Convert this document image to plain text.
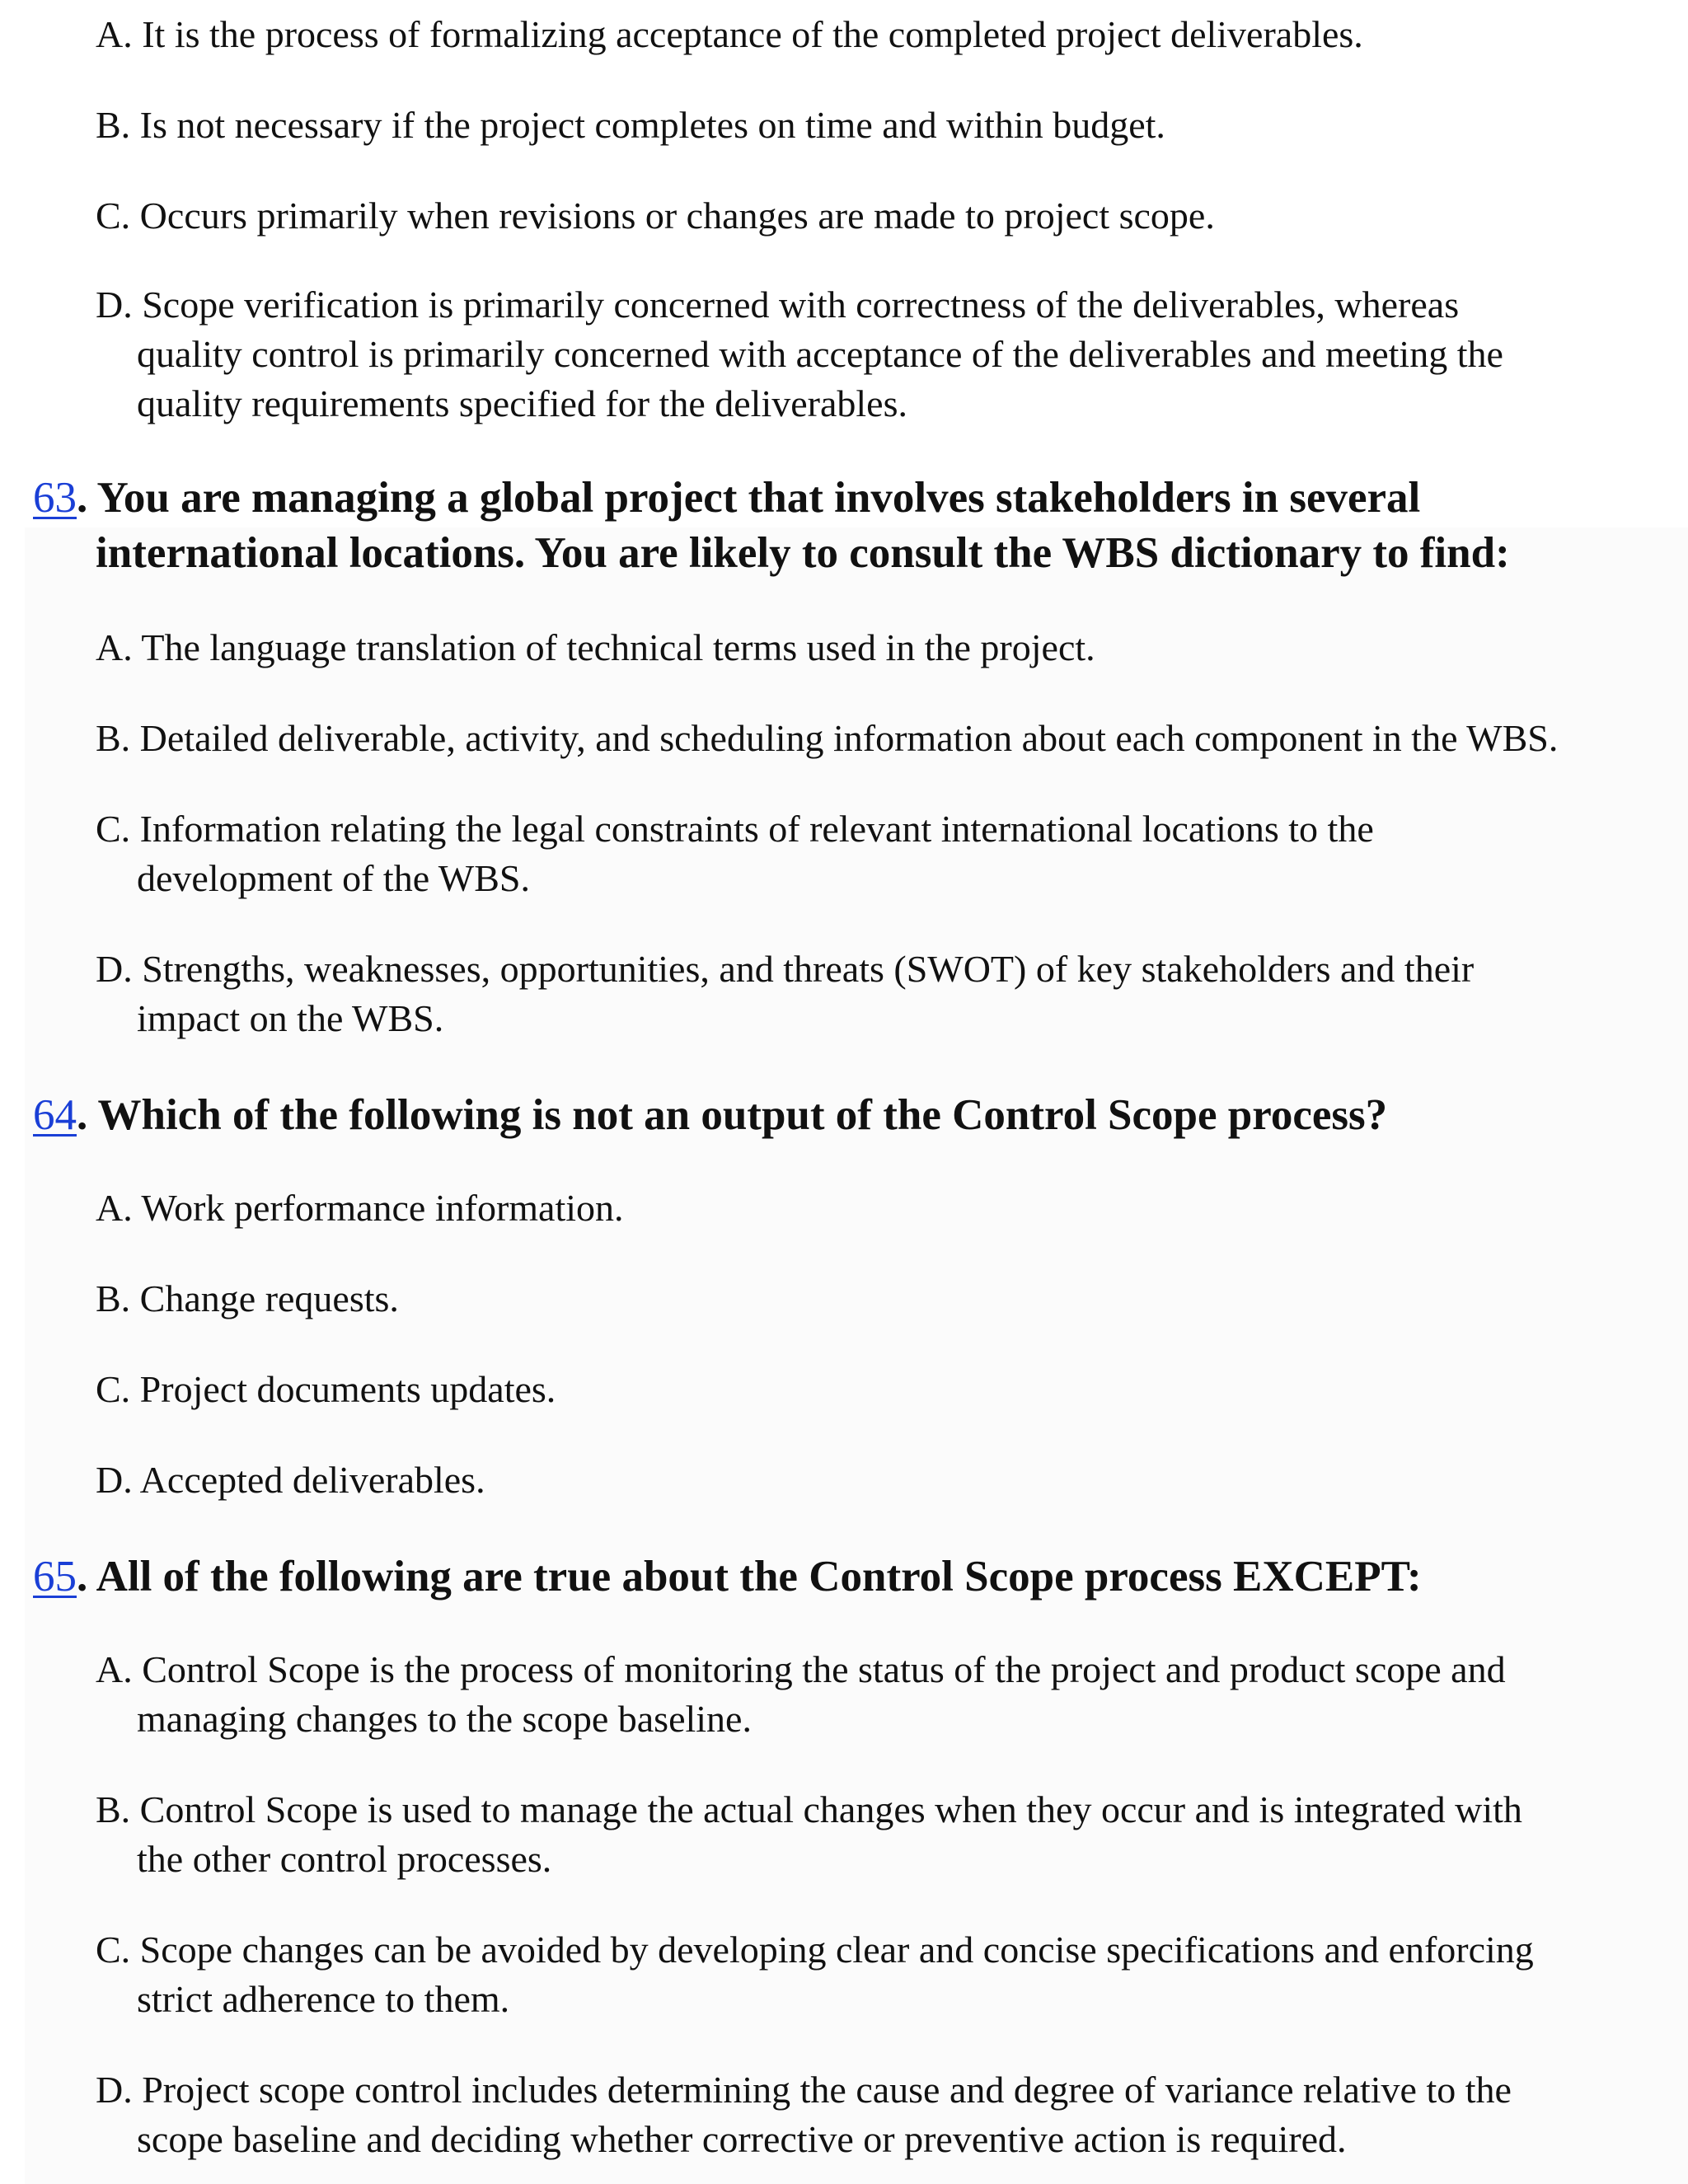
A. It is the process of formalizing acceptance of the completed project deliverables.

B. Is not necessary if the project completes on time and within budget.

C. Occurs primarily when revisions or changes are made to project scope.

D. Scope verification is primarily concerned with correctness of the deliverables, whereas
quality control is primarily concerned with acceptance of the deliverables and meeting the
quality requirements specified for the deliverables.

63. You are managing a global project that involves stakeholders in several
international locations. You are likely to consult the WBS dictionary to find:

A. The language translation of technical terms used in the project.

B. Detailed deliverable, activity, and scheduling information about each component in the WBS.

C. Information relating the legal constraints of relevant international locations to the
development of the WBS.

D. Strengths, weaknesses, opportunities, and threats (SWOT) of key stakeholders and their
impact on the WBS.

64. Which of the following is not an output of the Control Scope process?

A. Work performance information.

B. Change requests.

C. Project documents updates.

D. Accepted deliverables.

65. All of the following are true about the Control Scope process EXCEPT:

A. Control Scope is the process of monitoring the status of the project and product scope and
managing changes to the scope baseline.

B. Control Scope is used to manage the actual changes when they occur and is integrated with
the other control processes.

C. Scope changes can be avoided by developing clear and concise specifications and enforcing
strict adherence to them.

D. Project scope control includes determining the cause and degree of variance relative to the
scope baseline and deciding whether corrective or preventive action is required.
